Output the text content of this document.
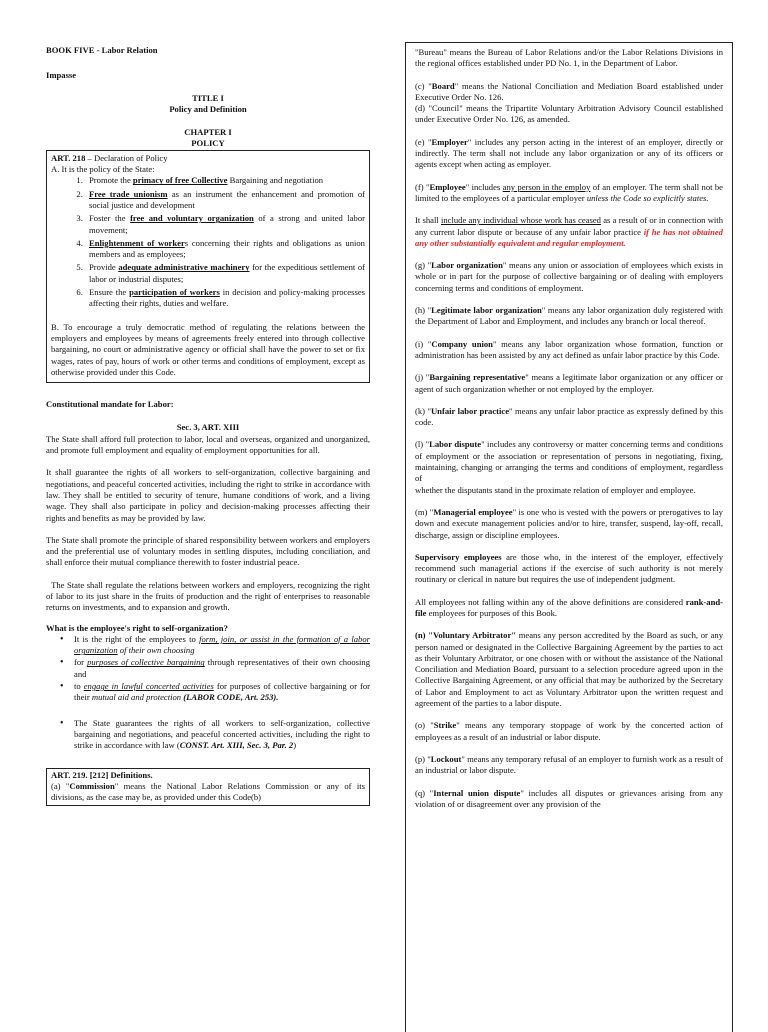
BOOK FIVE - Labor Relation

Impasse

TITLE I

Policy and Definition

CHAPTER I

POLICY

ART. 218 – Declaration of Policy

A. It is the policy of the State:

1. Promote the primacy of free Collective Bargaining and negotiation
2. Free trade unionism as an instrument the enhancement and promotion of social justice and development
3. Foster the free and voluntary organization of a strong and united labor movement;
4. Enlightenment of workers concerning their rights and obligations as union members and as employees;
5. Provide adequate administrative machinery for the expeditious settlement of labor or industrial disputes;
6. Ensure the participation of workers in decision and policy-making processes affecting their rights, duties and welfare.

B. To encourage a truly democratic method of regulating the relations between the employers and employees by means of agreements freely entered into through collective bargaining, no court or administrative agency or official shall have the power to set or fix wages, rates of pay, hours of work or other terms and conditions of employment, except as otherwise provided under this Code.

Constitutional mandate for Labor:

Sec. 3, ART. XIII

The State shall afford full protection to labor, local and overseas, organized and unorganized, and promote full employment and equality of employment opportunities for all.

It shall guarantee the rights of all workers to self-organization, collective bargaining and negotiations, and peaceful concerted activities, including the right to strike in accordance with law. They shall be entitled to security of tenure, humane conditions of work, and a living wage. They shall also participate in policy and decision-making processes affecting their rights and benefits as may be provided by law.

The State shall promote the principle of shared responsibility between workers and employers and the preferential use of voluntary modes in settling disputes, including conciliation, and shall enforce their mutual compliance therewith to foster industrial peace.

The State shall regulate the relations between workers and employers, recognizing the right of labor to its just share in the fruits of production and the right of enterprises to reasonable returns on investments, and to expansion and growth.

What is the employee's right to self-organization?

• It is the right of the employees to form, join, or assist in the formation of a labor organization of their own choosing
• for purposes of collective bargaining through representatives of their own choosing and
• to engage in lawful concerted activities for purposes of collective bargaining or for their mutual aid and protection (LABOR CODE, Art. 253).
• The State guarantees the rights of all workers to self-organization, collective bargaining and negotiations, and peaceful concerted activities, including the right to strike in accordance with law (CONST. Art. XIII, Sec. 3, Par. 2)

ART. 219. [212] Definitions.

(a) "Commission" means the National Labor Relations Commission or any of its divisions, as the case may be, as provided under this Code(b)

"Bureau" means the Bureau of Labor Relations and/or the Labor Relations Divisions in the regional offices established under PD No. 1, in the Department of Labor.

(c) "Board" means the National Conciliation and Mediation Board established under Executive Order No. 126.

(d) "Council" means the Tripartite Voluntary Arbitration Advisory Council established under Executive Order No. 126, as amended.

(e) "Employer" includes any person acting in the interest of an employer, directly or indirectly. The term shall not include any labor organization or any of its officers or agents except when acting as employer.

(f) "Employee" includes any person in the employ of an employer. The term shall not be limited to the employees of a particular employer unless the Code so explicitly states.

It shall include any individual whose work has ceased as a result of or in connection with any current labor dispute or because of any unfair labor practice if he has not obtained any other substantially equivalent and regular employment.

(g) "Labor organization" means any union or association of employees which exists in whole or in part for the purpose of collective bargaining or of dealing with employers concerning terms and conditions of employment.

(h) "Legitimate labor organization" means any labor organization duly registered with the Department of Labor and Employment, and includes any branch or local thereof.

(i) "Company union" means any labor organization whose formation, function or administration has been assisted by any act defined as unfair labor practice by this Code.

(j) "Bargaining representative" means a legitimate labor organization or any officer or agent of such organization whether or not employed by the employer.

(k) "Unfair labor practice" means any unfair labor practice as expressly defined by this code.

(l) "Labor dispute" includes any controversy or matter concerning terms and conditions of employment or the association or representation of persons in negotiating, fixing, maintaining, changing or arranging the terms and conditions of employment, regardless of

whether the disputants stand in the proximate relation of employer and employee.

(m) "Managerial employee" is one who is vested with the powers or prerogatives to lay down and execute management policies and/or to hire, transfer, suspend, lay-off, recall, discharge, assign or discipline employees.

Supervisory employees are those who, in the interest of the employer, effectively recommend such managerial actions if the exercise of such authority is not merely routinary or clerical in nature but requires the use of independent judgment.

All employees not falling within any of the above definitions are considered rank-and-file employees for purposes of this Book.

(n) "Voluntary Arbitrator" means any person accredited by the Board as such, or any person named or designated in the Collective Bargaining Agreement by the parties to act as their Voluntary Arbitrator, or one chosen with or without the assistance of the National Conciliation and Mediation Board, pursuant to a selection procedure agreed upon in the Collective Bargaining Agreement, or any official that may be authorized by the Secretary of Labor and Employment to act as Voluntary Arbitrator upon the written request and agreement of the parties to a labor dispute.

(o) "Strike" means any temporary stoppage of work by the concerted action of employees as a result of an industrial or labor dispute.

(p) "Lockout" means any temporary refusal of an employer to furnish work as a result of an industrial or labor dispute.

(q) "Internal union dispute" includes all disputes or grievances arising from any violation of or disagreement over any provision of the
